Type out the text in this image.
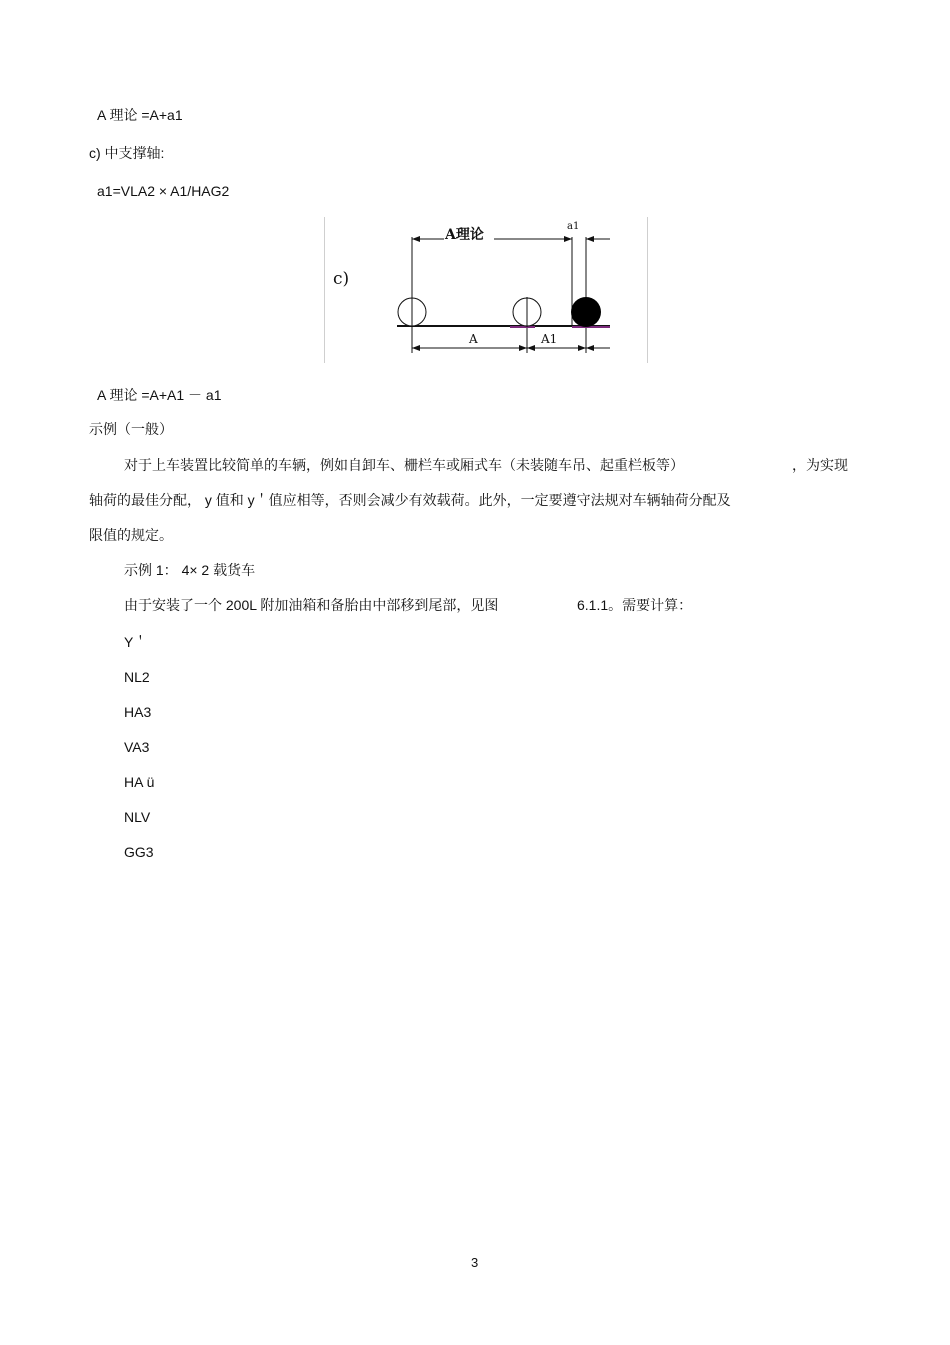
A 理论 =A+a1
c) 中支撑轴:
a1=VLA2 × A1/HAG2
c)
A理论
a1
A	A1
A 理论 =A+A1 － a1
示例（一般）
对于上车装置比较简单的车辆，例如自卸车、栅栏车或厢式车（未装随车吊、起重栏板等）	，为实现
轴荷的最佳分配， y 值和 y＇值应相等，否则会减少有效载荷。此外，一定要遵守法规对车辆轴荷分配及
限值的规定。
示例 1： 4× 2 载货车
由于安装了一个 200L 附加油箱和备胎由中部移到尾部，见图	6.1.1。需要计算：
Y＇
NL2
HA3
VA3
HA ü
NLV
GG3
3
